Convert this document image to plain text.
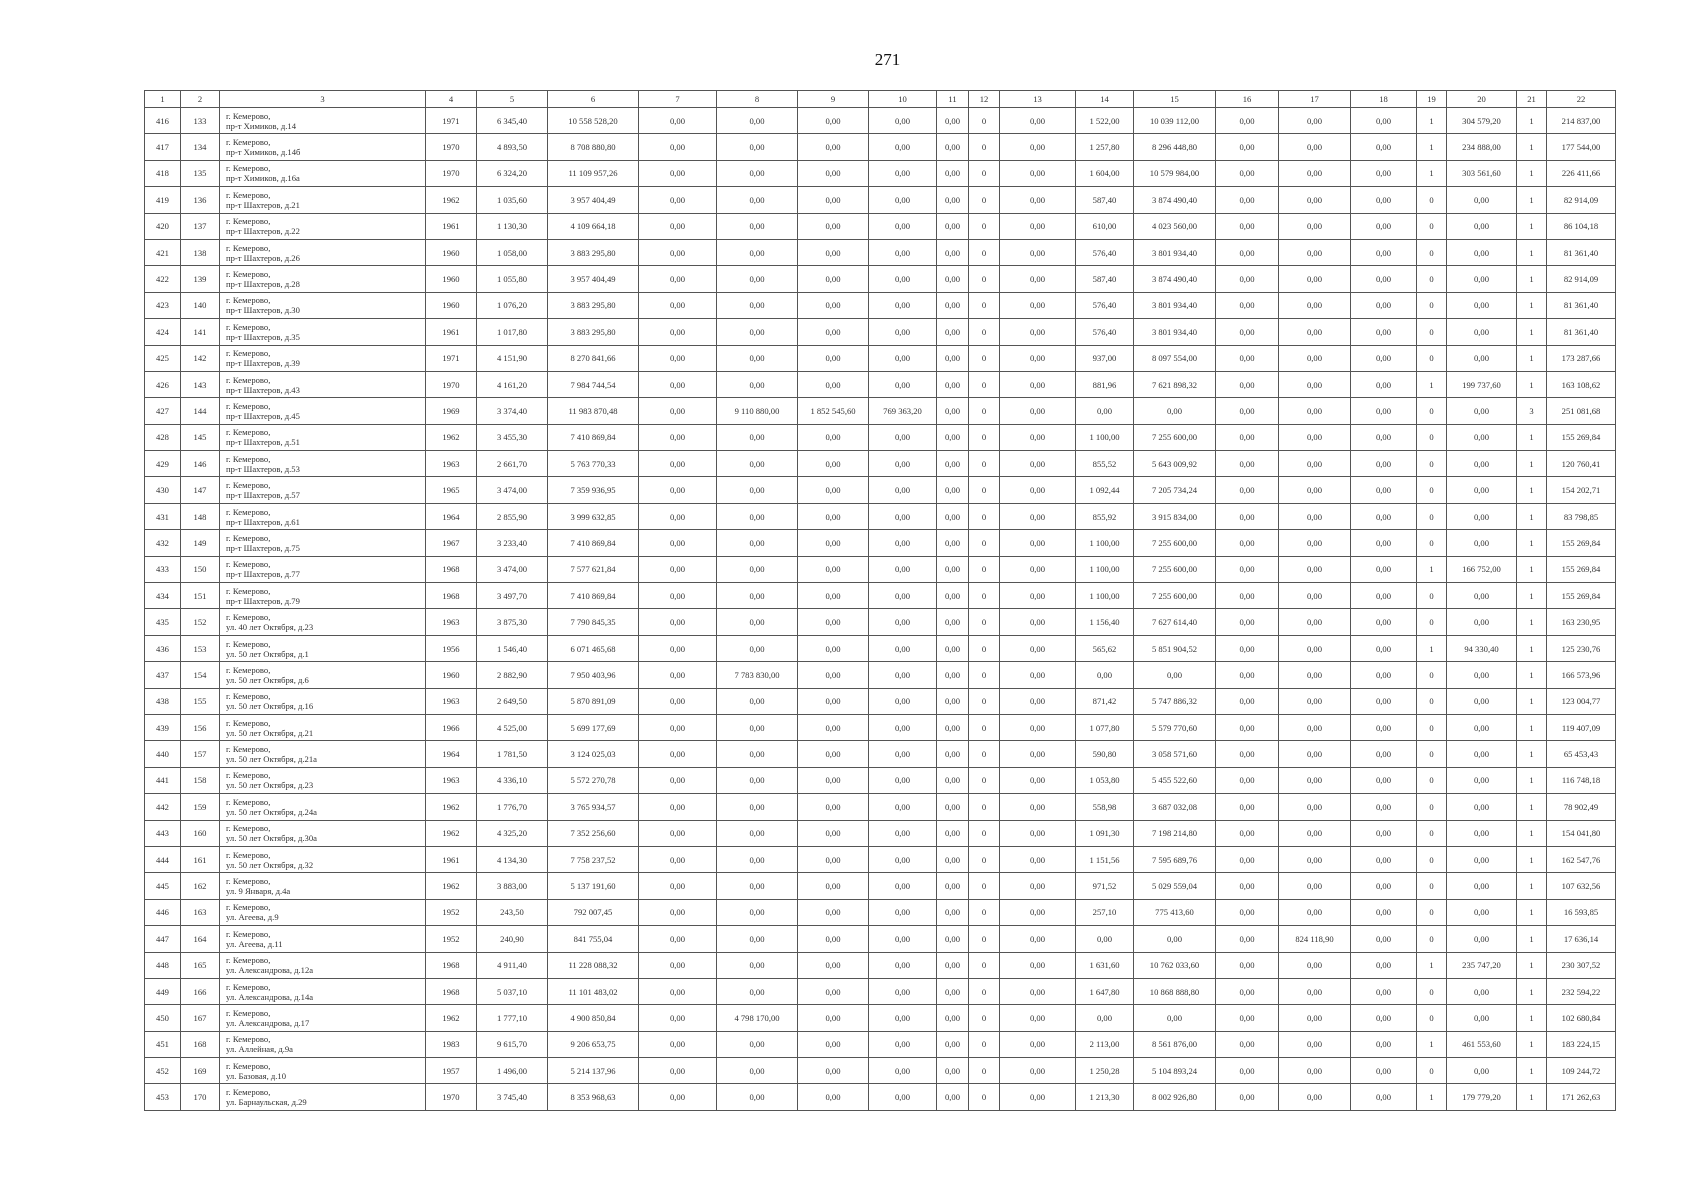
271
1	2	3	4	5	6	7	8	9	10	11	12	13	14	15	16	17	18	19	20	21	22
416	133	г. Кемерово,
пр-т Химиков, д.14	1971	6 345,40	10 558 528,20	0,00	0,00	0,00	0,00	0,00	0	0,00	1 522,00	10 039 112,00	0,00	0,00	0,00	1	304 579,20	1	214 837,00
417	134	г. Кемерово,
пр-т Химиков, д.14б	1970	4 893,50	8 708 880,80	0,00	0,00	0,00	0,00	0,00	0	0,00	1 257,80	8 296 448,80	0,00	0,00	0,00	1	234 888,00	1	177 544,00
418	135	г. Кемерово,
пр-т Химиков, д.16а	1970	6 324,20	11 109 957,26	0,00	0,00	0,00	0,00	0,00	0	0,00	1 604,00	10 579 984,00	0,00	0,00	0,00	1	303 561,60	1	226 411,66
419	136	г. Кемерово,
пр-т Шахтеров, д.21	1962	1 035,60	3 957 404,49	0,00	0,00	0,00	0,00	0,00	0	0,00	587,40	3 874 490,40	0,00	0,00	0,00	0	0,00	1	82 914,09
420	137	г. Кемерово,
пр-т Шахтеров, д.22	1961	1 130,30	4 109 664,18	0,00	0,00	0,00	0,00	0,00	0	0,00	610,00	4 023 560,00	0,00	0,00	0,00	0	0,00	1	86 104,18
421	138	г. Кемерово,
пр-т Шахтеров, д.26	1960	1 058,00	3 883 295,80	0,00	0,00	0,00	0,00	0,00	0	0,00	576,40	3 801 934,40	0,00	0,00	0,00	0	0,00	1	81 361,40
422	139	г. Кемерово,
пр-т Шахтеров, д.28	1960	1 055,80	3 957 404,49	0,00	0,00	0,00	0,00	0,00	0	0,00	587,40	3 874 490,40	0,00	0,00	0,00	0	0,00	1	82 914,09
423	140	г. Кемерово,
пр-т Шахтеров, д.30	1960	1 076,20	3 883 295,80	0,00	0,00	0,00	0,00	0,00	0	0,00	576,40	3 801 934,40	0,00	0,00	0,00	0	0,00	1	81 361,40
424	141	г. Кемерово,
пр-т Шахтеров, д.35	1961	1 017,80	3 883 295,80	0,00	0,00	0,00	0,00	0,00	0	0,00	576,40	3 801 934,40	0,00	0,00	0,00	0	0,00	1	81 361,40
425	142	г. Кемерово,
пр-т Шахтеров, д.39	1971	4 151,90	8 270 841,66	0,00	0,00	0,00	0,00	0,00	0	0,00	937,00	8 097 554,00	0,00	0,00	0,00	0	0,00	1	173 287,66
426	143	г. Кемерово,
пр-т Шахтеров, д.43	1970	4 161,20	7 984 744,54	0,00	0,00	0,00	0,00	0,00	0	0,00	881,96	7 621 898,32	0,00	0,00	0,00	1	199 737,60	1	163 108,62
427	144	г. Кемерово,
пр-т Шахтеров, д.45	1969	3 374,40	11 983 870,48	0,00	9 110 880,00	1 852 545,60	769 363,20	0,00	0	0,00	0,00	0,00	0,00	0,00	0,00	0	0,00	3	251 081,68
428	145	г. Кемерово,
пр-т Шахтеров, д.51	1962	3 455,30	7 410 869,84	0,00	0,00	0,00	0,00	0,00	0	0,00	1 100,00	7 255 600,00	0,00	0,00	0,00	0	0,00	1	155 269,84
429	146	г. Кемерово,
пр-т Шахтеров, д.53	1963	2 661,70	5 763 770,33	0,00	0,00	0,00	0,00	0,00	0	0,00	855,52	5 643 009,92	0,00	0,00	0,00	0	0,00	1	120 760,41
430	147	г. Кемерово,
пр-т Шахтеров, д.57	1965	3 474,00	7 359 936,95	0,00	0,00	0,00	0,00	0,00	0	0,00	1 092,44	7 205 734,24	0,00	0,00	0,00	0	0,00	1	154 202,71
431	148	г. Кемерово,
пр-т Шахтеров, д.61	1964	2 855,90	3 999 632,85	0,00	0,00	0,00	0,00	0,00	0	0,00	855,92	3 915 834,00	0,00	0,00	0,00	0	0,00	1	83 798,85
432	149	г. Кемерово,
пр-т Шахтеров, д.75	1967	3 233,40	7 410 869,84	0,00	0,00	0,00	0,00	0,00	0	0,00	1 100,00	7 255 600,00	0,00	0,00	0,00	0	0,00	1	155 269,84
433	150	г. Кемерово,
пр-т Шахтеров, д.77	1968	3 474,00	7 577 621,84	0,00	0,00	0,00	0,00	0,00	0	0,00	1 100,00	7 255 600,00	0,00	0,00	0,00	1	166 752,00	1	155 269,84
434	151	г. Кемерово,
пр-т Шахтеров, д.79	1968	3 497,70	7 410 869,84	0,00	0,00	0,00	0,00	0,00	0	0,00	1 100,00	7 255 600,00	0,00	0,00	0,00	0	0,00	1	155 269,84
435	152	г. Кемерово,
ул. 40 лет Октября, д.23	1963	3 875,30	7 790 845,35	0,00	0,00	0,00	0,00	0,00	0	0,00	1 156,40	7 627 614,40	0,00	0,00	0,00	0	0,00	1	163 230,95
436	153	г. Кемерово,
ул. 50 лет Октября, д.1	1956	1 546,40	6 071 465,68	0,00	0,00	0,00	0,00	0,00	0	0,00	565,62	5 851 904,52	0,00	0,00	0,00	1	94 330,40	1	125 230,76
437	154	г. Кемерово,
ул. 50 лет Октября, д.6	1960	2 882,90	7 950 403,96	0,00	7 783 830,00	0,00	0,00	0,00	0	0,00	0,00	0,00	0,00	0,00	0,00	0	0,00	1	166 573,96
438	155	г. Кемерово,
ул. 50 лет Октября, д.16	1963	2 649,50	5 870 891,09	0,00	0,00	0,00	0,00	0,00	0	0,00	871,42	5 747 886,32	0,00	0,00	0,00	0	0,00	1	123 004,77
439	156	г. Кемерово,
ул. 50 лет Октября, д.21	1966	4 525,00	5 699 177,69	0,00	0,00	0,00	0,00	0,00	0	0,00	1 077,80	5 579 770,60	0,00	0,00	0,00	0	0,00	1	119 407,09
440	157	г. Кемерово,
ул. 50 лет Октября, д.21а	1964	1 781,50	3 124 025,03	0,00	0,00	0,00	0,00	0,00	0	0,00	590,80	3 058 571,60	0,00	0,00	0,00	0	0,00	1	65 453,43
441	158	г. Кемерово,
ул. 50 лет Октября, д.23	1963	4 336,10	5 572 270,78	0,00	0,00	0,00	0,00	0,00	0	0,00	1 053,80	5 455 522,60	0,00	0,00	0,00	0	0,00	1	116 748,18
442	159	г. Кемерово,
ул. 50 лет Октября, д.24а	1962	1 776,70	3 765 934,57	0,00	0,00	0,00	0,00	0,00	0	0,00	558,98	3 687 032,08	0,00	0,00	0,00	0	0,00	1	78 902,49
443	160	г. Кемерово,
ул. 50 лет Октября, д.30а	1962	4 325,20	7 352 256,60	0,00	0,00	0,00	0,00	0,00	0	0,00	1 091,30	7 198 214,80	0,00	0,00	0,00	0	0,00	1	154 041,80
444	161	г. Кемерово,
ул. 50 лет Октября, д.32	1961	4 134,30	7 758 237,52	0,00	0,00	0,00	0,00	0,00	0	0,00	1 151,56	7 595 689,76	0,00	0,00	0,00	0	0,00	1	162 547,76
445	162	г. Кемерово,
ул. 9 Января, д.4а	1962	3 883,00	5 137 191,60	0,00	0,00	0,00	0,00	0,00	0	0,00	971,52	5 029 559,04	0,00	0,00	0,00	0	0,00	1	107 632,56
446	163	г. Кемерово,
ул. Агеева, д.9	1952	243,50	792 007,45	0,00	0,00	0,00	0,00	0,00	0	0,00	257,10	775 413,60	0,00	0,00	0,00	0	0,00	1	16 593,85
447	164	г. Кемерово,
ул. Агеева, д.11	1952	240,90	841 755,04	0,00	0,00	0,00	0,00	0,00	0	0,00	0,00	0,00	0,00	824 118,90	0,00	0	0,00	1	17 636,14
448	165	г. Кемерово,
ул. Александрова, д.12а	1968	4 911,40	11 228 088,32	0,00	0,00	0,00	0,00	0,00	0	0,00	1 631,60	10 762 033,60	0,00	0,00	0,00	1	235 747,20	1	230 307,52
449	166	г. Кемерово,
ул. Александрова, д.14а	1968	5 037,10	11 101 483,02	0,00	0,00	0,00	0,00	0,00	0	0,00	1 647,80	10 868 888,80	0,00	0,00	0,00	0	0,00	1	232 594,22
450	167	г. Кемерово,
ул. Александрова, д.17	1962	1 777,10	4 900 850,84	0,00	4 798 170,00	0,00	0,00	0,00	0	0,00	0,00	0,00	0,00	0,00	0,00	0	0,00	1	102 680,84
451	168	г. Кемерово,
ул. Аллейная, д.9а	1983	9 615,70	9 206 653,75	0,00	0,00	0,00	0,00	0,00	0	0,00	2 113,00	8 561 876,00	0,00	0,00	0,00	1	461 553,60	1	183 224,15
452	169	г. Кемерово,
ул. Базовая, д.10	1957	1 496,00	5 214 137,96	0,00	0,00	0,00	0,00	0,00	0	0,00	1 250,28	5 104 893,24	0,00	0,00	0,00	0	0,00	1	109 244,72
453	170	г. Кемерово,
ул. Барнаульская, д.29	1970	3 745,40	8 353 968,63	0,00	0,00	0,00	0,00	0,00	0	0,00	1 213,30	8 002 926,80	0,00	0,00	0,00	1	179 779,20	1	171 262,63
